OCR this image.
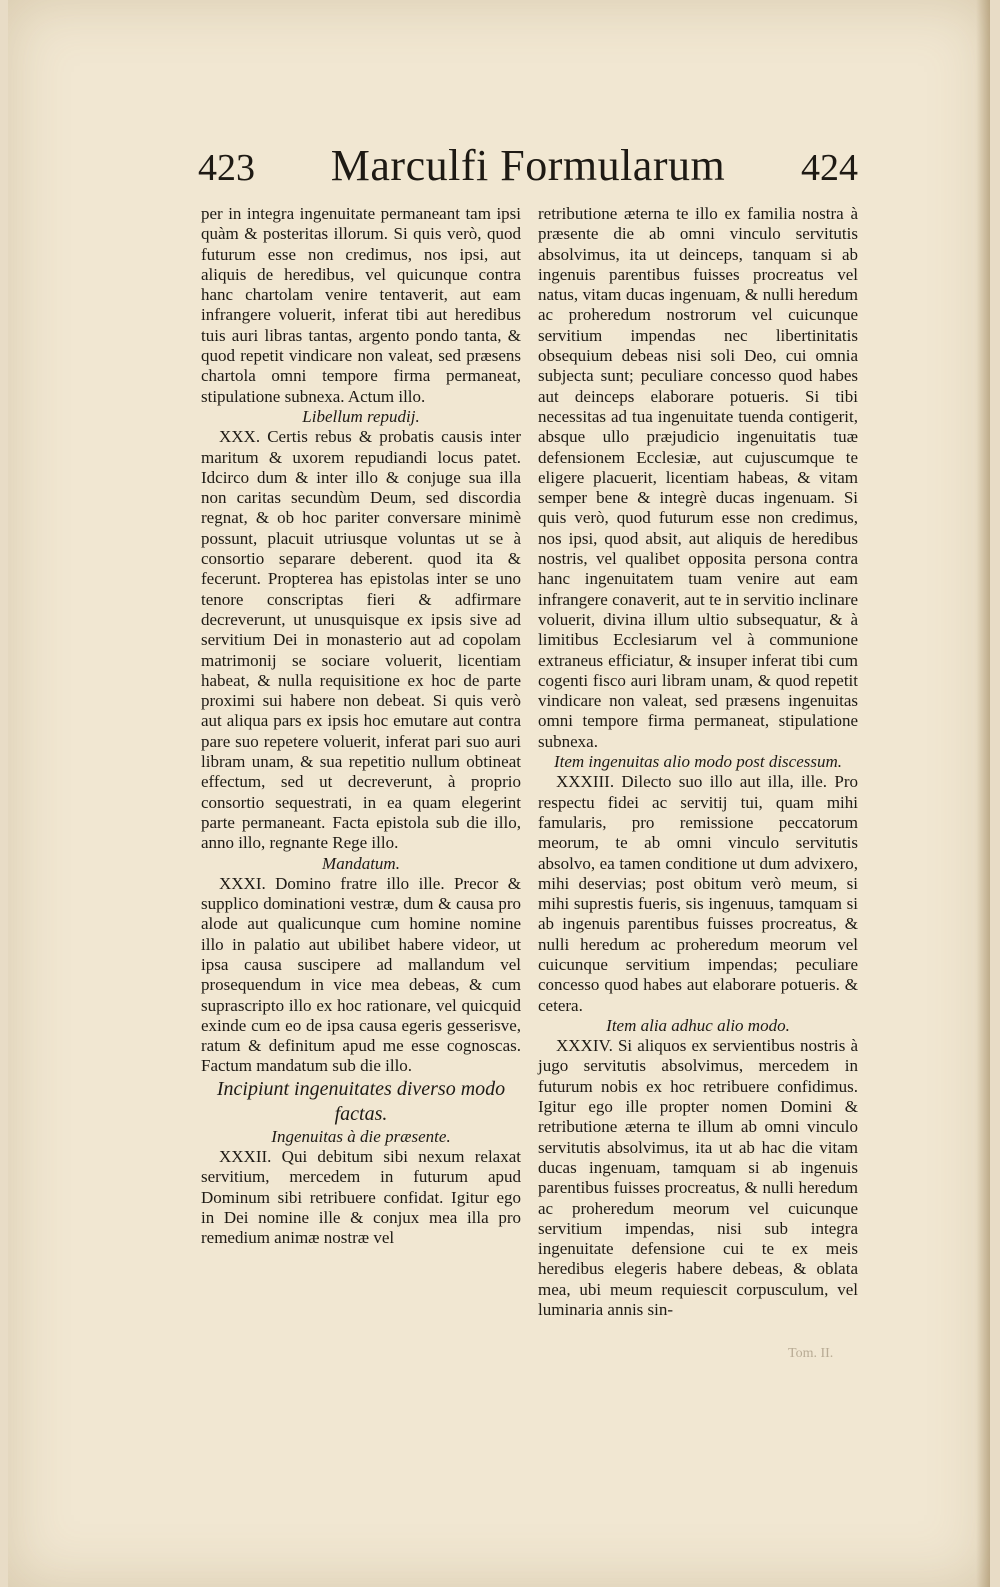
423	Marculfi Formularum	424

per in integra ingenuitate permaneant tam ipsi quàm & posteritas illorum. Si quis verò, quod futurum esse non credimus, nos ipsi, aut aliquis de heredibus, vel quicunque contra hanc chartolam venire tentaverit, aut eam infrangere voluerit, inferat tibi aut heredibus tuis auri libras tantas, argento pondo tanta, & quod repetit vindicare non valeat, sed præsens chartola omni tempore firma permaneat, stipulatione subnexa. Actum illo.

Libellum repudij.

XXX. Certis rebus & probatis causis inter maritum & uxorem repudiandi locus patet. Idcirco dum & inter illo & conjuge sua illa non caritas secundùm Deum, sed discordia regnat, & ob hoc pariter conversare minimè possunt, placuit utriusque voluntas ut se à consortio separare deberent. quod ita & fecerunt. Propterea has epistolas inter se uno tenore conscriptas fieri & adfirmare decreverunt, ut unusquisque ex ipsis sive ad servitium Dei in monasterio aut ad copolam matrimonij se sociare voluerit, licentiam habeat, & nulla requisitione ex hoc de parte proximi sui habere non debeat. Si quis verò aut aliqua pars ex ipsis hoc emutare aut contra pare suo repetere voluerit, inferat pari suo auri libram unam, & sua repetitio nullum obtineat effectum, sed ut decreverunt, à proprio consortio sequestrati, in ea quam elegerint parte permaneant. Facta epistola sub die illo, anno illo, regnante Rege illo.

Mandatum.

XXXI. Domino fratre illo ille. Precor & supplico dominationi vestræ, dum & causa pro alode aut qualicunque cum homine nomine illo in palatio aut ubilibet habere videor, ut ipsa causa suscipere ad mallandum vel prosequendum in vice mea debeas, & cum suprascripto illo ex hoc rationare, vel quicquid exinde cum eo de ipsa causa egeris gesserisve, ratum & definitum apud me esse cognoscas. Factum mandatum sub die illo.

Incipiunt ingenuitates diverso modo factas.

Ingenuitas à die præsente.

XXXII. Qui debitum sibi nexum relaxat servitium, mercedem in futurum apud Dominum sibi retribuere confidat. Igitur ego in Dei nomine ille & conjux mea illa pro remedium animæ nostræ vel

retributione æterna te illo ex familia nostra à præsente die ab omni vinculo servitutis absolvimus, ita ut deinceps, tanquam si ab ingenuis parentibus fuisses procreatus vel natus, vitam ducas ingenuam, & nulli heredum ac proheredum nostrorum vel cuicunque servitium impendas nec libertinitatis obsequium debeas nisi soli Deo, cui omnia subjecta sunt; peculiare concesso quod habes aut deinceps elaborare potueris. Si tibi necessitas ad tua ingenuitate tuenda contigerit, absque ullo præjudicio ingenuitatis tuæ defensionem Ecclesiæ, aut cujuscumque te eligere placuerit, licentiam habeas, & vitam semper bene & integrè ducas ingenuam. Si quis verò, quod futurum esse non credimus, nos ipsi, quod absit, aut aliquis de heredibus nostris, vel qualibet opposita persona contra hanc ingenuitatem tuam venire aut eam infrangere conaverit, aut te in servitio inclinare voluerit, divina illum ultio subsequatur, & à limitibus Ecclesiarum vel à communione extraneus efficiatur, & insuper inferat tibi cum cogenti fisco auri libram unam, & quod repetit vindicare non valeat, sed præsens ingenuitas omni tempore firma permaneat, stipulatione subnexa.

Item ingenuitas alio modo post discessum.

XXXIII. Dilecto suo illo aut illa, ille. Pro respectu fidei ac servitij tui, quam mihi famularis, pro remissione peccatorum meorum, te ab omni vinculo servitutis absolvo, ea tamen conditione ut dum advixero, mihi deservias; post obitum verò meum, si mihi suprestis fueris, sis ingenuus, tamquam si ab ingenuis parentibus fuisses procreatus, & nulli heredum ac proheredum meorum vel cuicunque servitium impendas; peculiare concesso quod habes aut elaborare potueris. & cetera.

Item alia adhuc alio modo.

XXXIV. Si aliquos ex servientibus nostris à jugo servitutis absolvimus, mercedem in futurum nobis ex hoc retribuere confidimus. Igitur ego ille propter nomen Domini & retributione æterna te illum ab omni vinculo servitutis absolvimus, ita ut ab hac die vitam ducas ingenuam, tamquam si ab ingenuis parentibus fuisses procreatus, & nulli heredum ac proheredum meorum vel cuicunque servitium impendas, nisi sub integra ingenuitate defensione cui te ex meis heredibus elegeris habere debeas, & oblata mea, ubi meum requiescit corpusculum, vel luminaria annis sin-

Tom. II.
